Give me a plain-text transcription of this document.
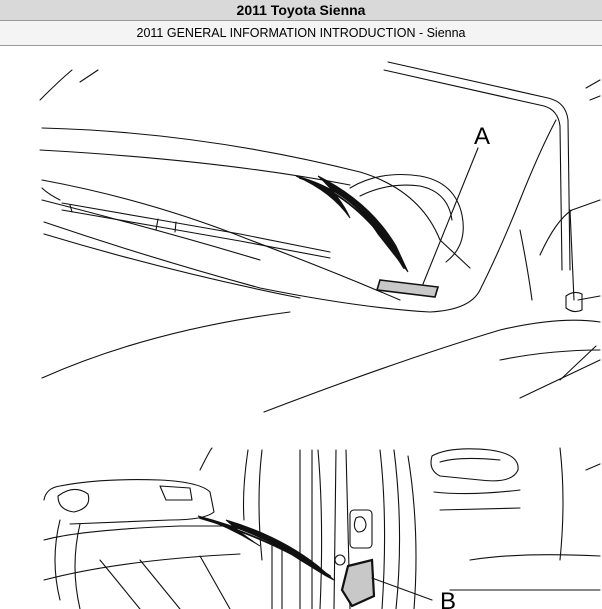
2011 Toyota Sienna
2011 GENERAL INFORMATION INTRODUCTION - Sienna
A
B
